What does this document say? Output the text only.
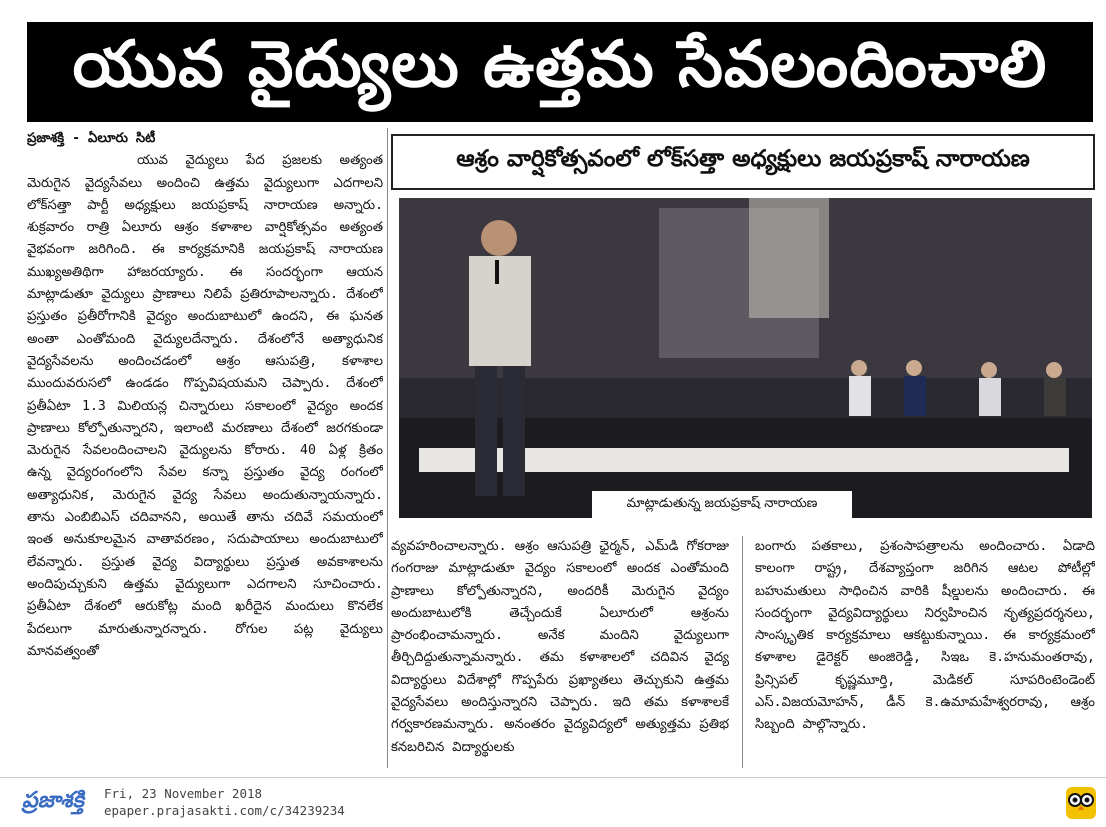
యువ వైద్యులు ఉత్తమ సేవలందించాలి
ప్రజాశక్తి - ఏలూరు సిటీ
యువ వైద్యులు పేద ప్రజలకు అత్యంత మెరుగైన వైద్యసేవలు అందించి ఉత్తమ వైద్యులుగా ఎదగాలని లోక్‌సత్తా పార్టీ అధ్యక్షులు జయప్రకాష్ నారాయణ అన్నారు. శుక్రవారం రాత్రి ఏలూరు ఆశ్రం కళాశాల వార్షికోత్సవం అత్యంత వైభవంగా జరిగింది. ఈ కార్యక్రమానికి జయప్రకాష్ నారాయణ ముఖ్యఅతిథిగా హాజరయ్యారు. ఈ సందర్భంగా ఆయన మాట్లాడుతూ వైద్యులు ప్రాణాలు నిలిపే ప్రతిరూపాలన్నారు. దేశంలో ప్రస్తుతం ప్రతీరోగానికి వైద్యం అందుబాటులో ఉందని, ఈ ఘనత అంతా ఎంతోమంది వైద్యులదేన్నారు. దేశంలోనే అత్యాధునిక వైద్యసేవలను అందించడంలో ఆశ్రం ఆసుపత్రి, కళాశాల ముందువరుసలో ఉండడం గొప్పవిషయమని చెప్పారు. దేశంలో ప్రతీఏటా 1.3 మిలియన్ల చిన్నారులు సకాలంలో వైద్యం అందక ప్రాణాలు కోల్పోతున్నారని, ఇలాంటి మరణాలు దేశంలో జరగకుండా మెరుగైన సేవలందించాలని వైద్యులను కోరారు. 40 ఏళ్ల క్రితం ఉన్న వైద్యరంగంలోని సేవల కన్నా ప్రస్తుతం వైద్య రంగంలో అత్యాధునిక, మెరుగైన వైద్య సేవలు అందుతున్నాయన్నారు. తాను ఎంబిబిఎస్ చదివానని, అయితే తాను చదివే సమయంలో ఇంత అనుకూలమైన వాతావరణం, సదుపాయాలు అందుబాటులో లేవన్నారు. ప్రస్తుత వైద్య విద్యార్థులు ప్రస్తుత అవకాశాలను అందిపుచ్చుకుని ఉత్తమ వైద్యులుగా ఎదగాలని సూచించారు. ప్రతీఏటా దేశంలో ఆరుకోట్ల మంది ఖరీదైన మందులు కొనలేక పేదలుగా మారుతున్నారన్నారు. రోగుల పట్ల వైద్యులు మానవత్వంతో
ఆశ్రం వార్షికోత్సవంలో లోక్‌సత్తా అధ్యక్షులు జయప్రకాష్ నారాయణ
మాట్లాడుతున్న జయప్రకాష్ నారాయణ
వ్యవహరించాలన్నారు. ఆశ్రం ఆసుపత్రి ఛైర్మన్, ఎమ్‌డి గోకరాజు గంగరాజు మాట్లాడుతూ వైద్యం సకాలంలో అందక ఎంతోమంది ప్రాణాలు కోల్పోతున్నారని, అందరికీ మెరుగైన వైద్యం అందుబాటులోకి తెచ్చేందుకే ఏలూరులో ఆశ్రంను ప్రారంభించామన్నారు. అనేక మందిని వైద్యులుగా తీర్చిదిద్దుతున్నామన్నారు. తమ కళాశాలలో చదివిన వైద్య విద్యార్థులు విదేశాల్లో గొప్పపేరు ప్రఖ్యాతలు తెచ్చుకుని ఉత్తమ వైద్యసేవలు అందిస్తున్నారని చెప్పారు. ఇది తమ కళాశాలకే గర్వకారణమన్నారు. అనంతరం వైద్యవిద్యలో అత్యుత్తమ ప్రతిభ కనబరిచిన విద్యార్థులకు
బంగారు పతకాలు, ప్రశంసాపత్రాలను అందించారు. ఏడాది కాలంగా రాష్ట్ర, దేశవ్యాప్తంగా జరిగిన ఆటల పోటీల్లో బహుమతులు సాధించిన వారికి షీల్డులను అందించారు. ఈ సందర్భంగా వైద్యవిద్యార్థులు నిర్వహించిన నృత్యప్రదర్శనలు, సాంస్కృతిక కార్యక్రమాలు ఆకట్టుకున్నాయి. ఈ కార్యక్రమంలో కళాశాల డైరెక్టర్ అంజిరెడ్డి, సిఇఒ కె.హనుమంతరావు, ప్రిన్సిపల్ కృష్ణమూర్తి, మెడికల్ సూపరింటెండెంట్ ఎస్.విజయమోహన్, డీన్ కె.ఉమామహేశ్వరరావు, ఆశ్రం సిబ్బంది పాల్గొన్నారు.
ప్రజాశక్తి	Fri, 23 November 2018
epaper.prajasakti.com/c/34239234
